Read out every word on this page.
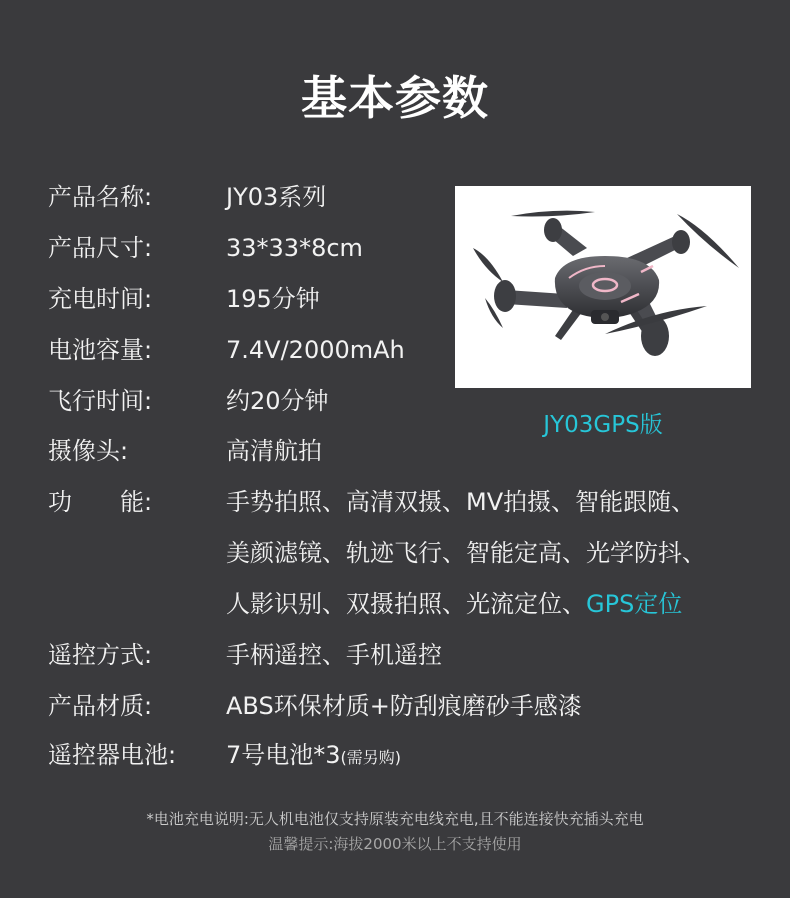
基本参数
产品名称:	JY03系列
产品尺寸:	33*33*8cm
充电时间:	195分钟
电池容量:	7.4V/2000mAh
飞行时间:	约20分钟
摄像头:	高清航拍
功　　能:	手势拍照、高清双摄、MV拍摄、智能跟随、
美颜滤镜、轨迹飞行、智能定高、光学防抖、
人影识别、双摄拍照、光流定位、GPS定位
遥控方式:	手柄遥控、手机遥控
产品材质:	ABS环保材质+防刮痕磨砂手感漆
遥控器电池: 7号电池*3(需另购)
JY03GPS版
*电池充电说明:无人机电池仅支持原装充电线充电,且不能连接快充插头充电
温馨提示:海拔2000米以上不支持使用
